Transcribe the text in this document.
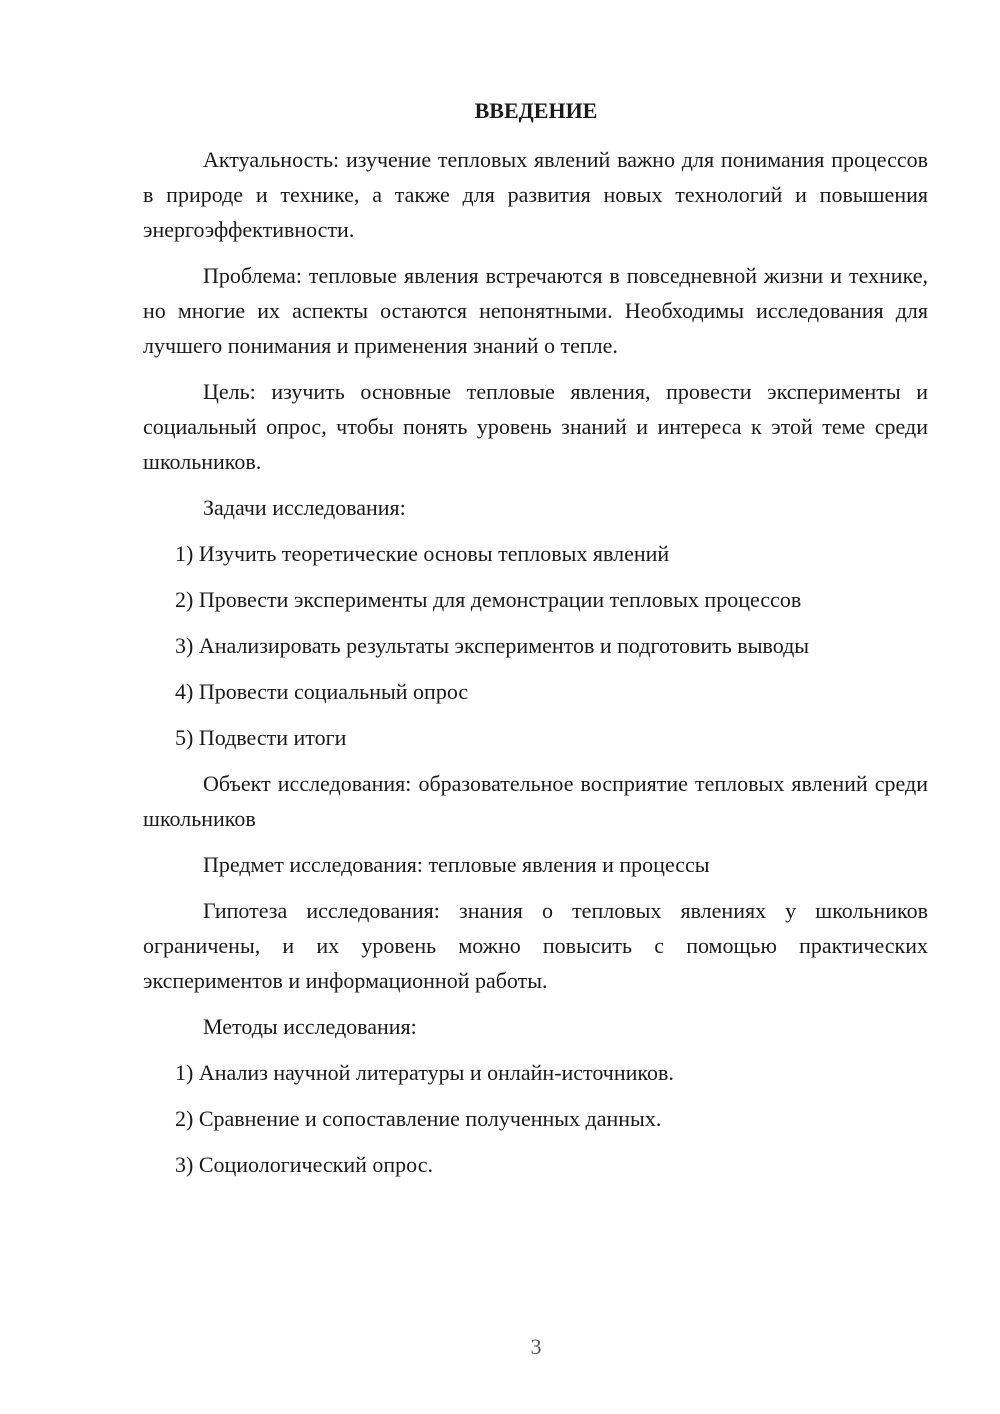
ВВЕДЕНИЕ

Актуальность: изучение тепловых явлений важно для понимания процессов в природе и технике, а также для развития новых технологий и повышения энергоэффективности.

Проблема: тепловые явления встречаются в повседневной жизни и технике, но многие их аспекты остаются непонятными. Необходимы исследования для лучшего понимания и применения знаний о тепле.

Цель: изучить основные тепловые явления, провести эксперименты и социальный опрос, чтобы понять уровень знаний и интереса к этой теме среди школьников.

Задачи исследования:

1) Изучить теоретические основы тепловых явлений

2) Провести эксперименты для демонстрации тепловых процессов

3) Анализировать результаты экспериментов и подготовить выводы

4) Провести социальный опрос

5) Подвести итоги

Объект исследования: образовательное восприятие тепловых явлений среди школьников

Предмет исследования: тепловые явления и процессы

Гипотеза исследования: знания о тепловых явлениях у школьников ограничены, и их уровень можно повысить с помощью практических экспериментов и информационной работы.

Методы исследования:

1) Анализ научной литературы и онлайн-источников.

2) Сравнение и сопоставление полученных данных.

3) Социологический опрос.

3
